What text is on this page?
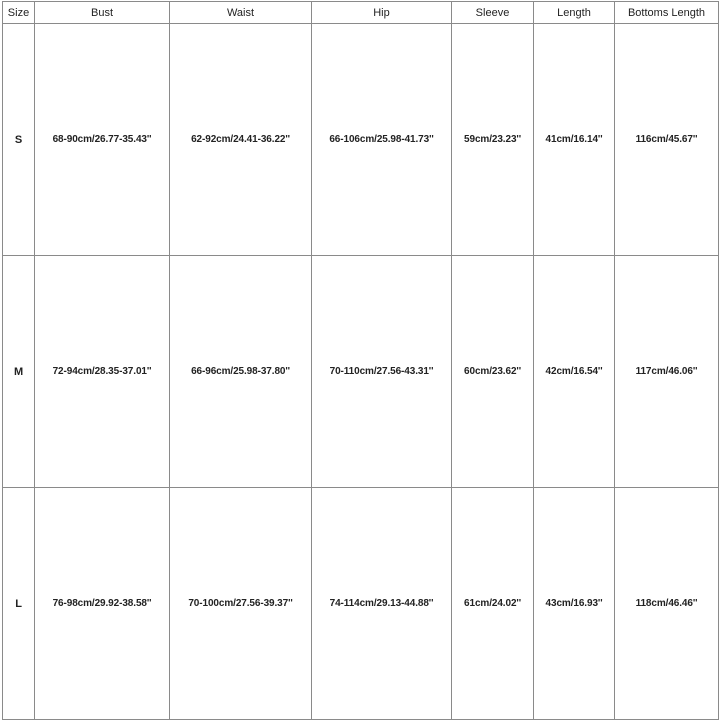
Size	Bust	Waist	Hip	Sleeve	Length	Bottoms Length
S	68-90cm/26.77-35.43''	62-92cm/24.41-36.22''	66-106cm/25.98-41.73''	59cm/23.23''	41cm/16.14''	116cm/45.67''
M	72-94cm/28.35-37.01''	66-96cm/25.98-37.80''	70-110cm/27.56-43.31''	60cm/23.62''	42cm/16.54''	117cm/46.06''
L	76-98cm/29.92-38.58''	70-100cm/27.56-39.37''	74-114cm/29.13-44.88''	61cm/24.02''	43cm/16.93''	118cm/46.46''
